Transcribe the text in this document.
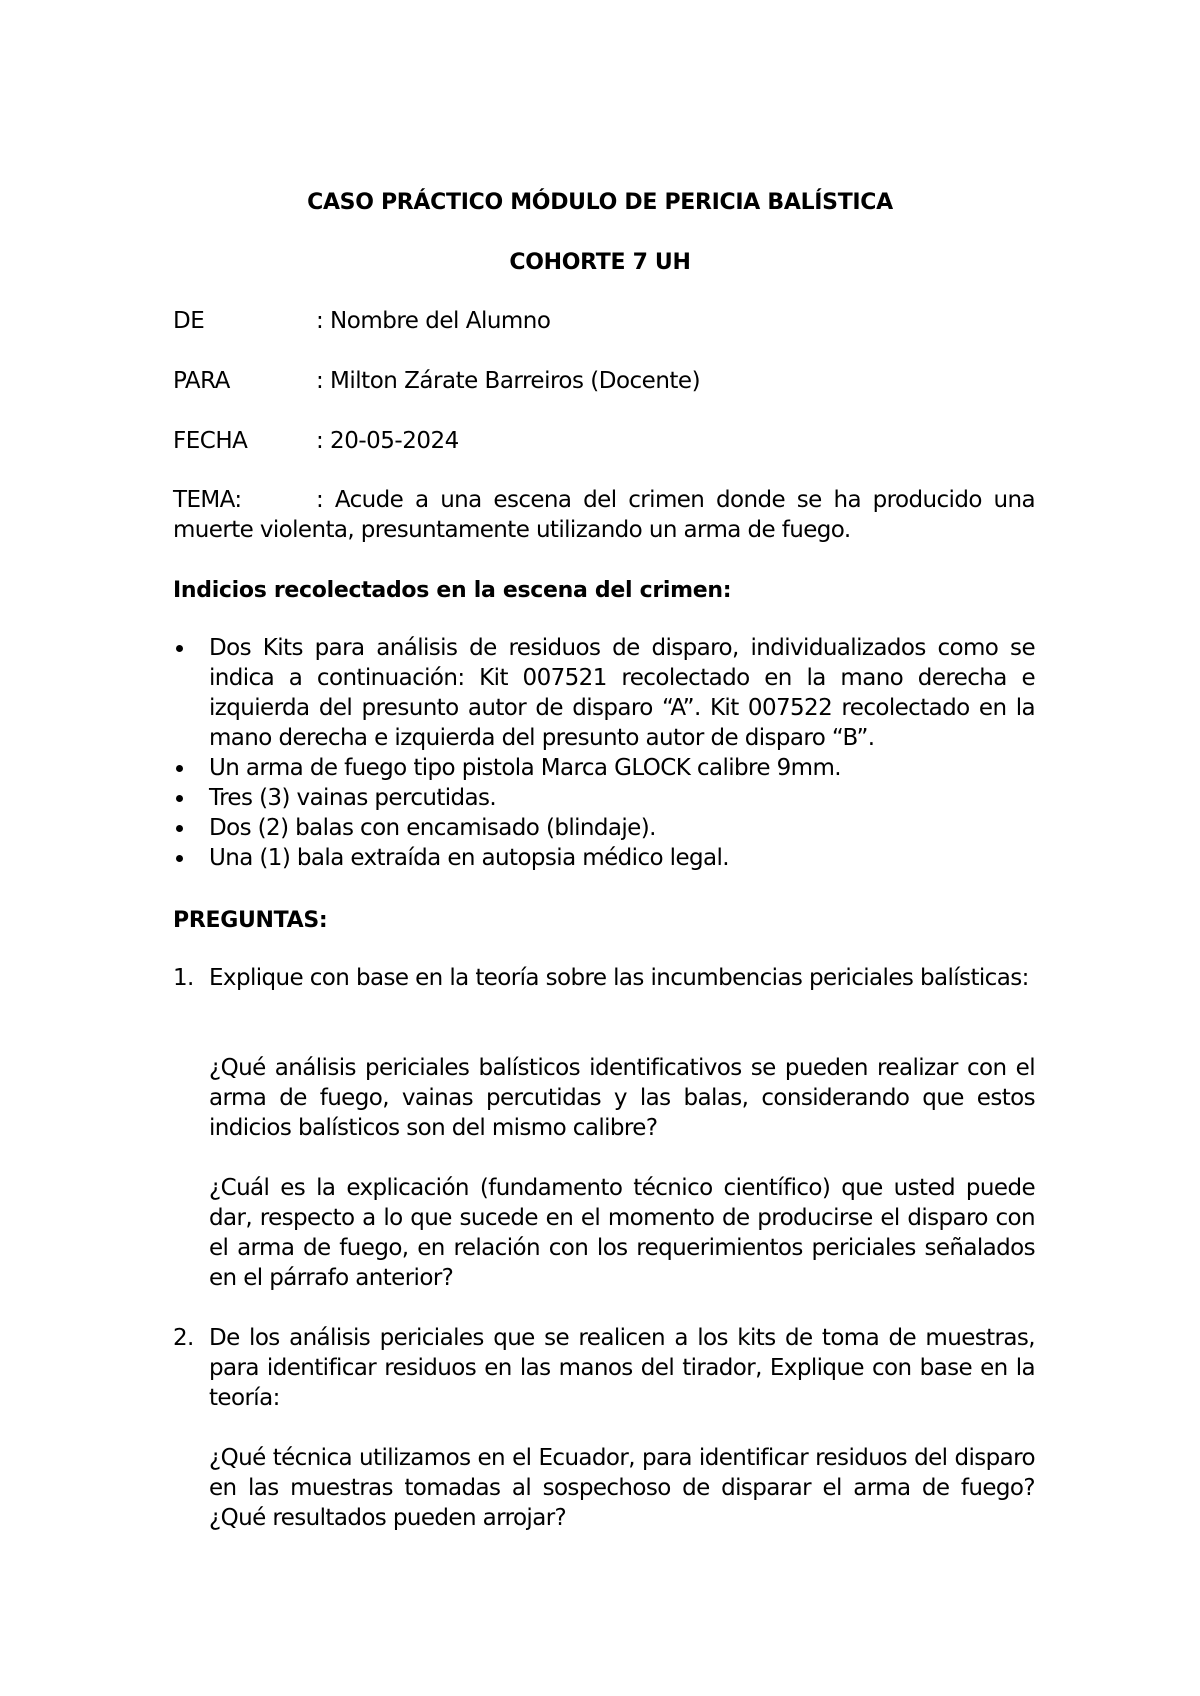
CASO PRÁCTICO MÓDULO DE PERICIA BALÍSTICA
COHORTE 7 UH
DE	: Nombre del Alumno
PARA	: Milton Zárate Barreiros (Docente)
FECHA	: 20-05-2024
TEMA:	: Acude a una escena del crimen donde se ha producido una muerte violenta, presuntamente utilizando un arma de fuego.
Indicios recolectados en la escena del crimen:
Dos Kits para análisis de residuos de disparo, individualizados como se indica a continuación: Kit 007521 recolectado en la mano derecha e izquierda del presunto autor de disparo “A”. Kit 007522 recolectado en la mano derecha e izquierda del presunto autor de disparo “B”.
Un arma de fuego tipo pistola Marca GLOCK calibre 9mm.
Tres (3) vainas percutidas.
Dos (2) balas con encamisado (blindaje).
Una (1) bala extraída en autopsia médico legal.
PREGUNTAS:
1. Explique con base en la teoría sobre las incumbencias periciales balísticas:
¿Qué análisis periciales balísticos identificativos se pueden realizar con el arma de fuego, vainas percutidas y las balas, considerando que estos indicios balísticos son del mismo calibre?
¿Cuál es la explicación (fundamento técnico científico) que usted puede dar, respecto a lo que sucede en el momento de producirse el disparo con el arma de fuego, en relación con los requerimientos periciales señalados en el párrafo anterior?
2. De los análisis periciales que se realicen a los kits de toma de muestras, para identificar residuos en las manos del tirador, Explique con base en la teoría:
¿Qué técnica utilizamos en el Ecuador, para identificar residuos del disparo en las muestras tomadas al sospechoso de disparar el arma de fuego? ¿Qué resultados pueden arrojar?
